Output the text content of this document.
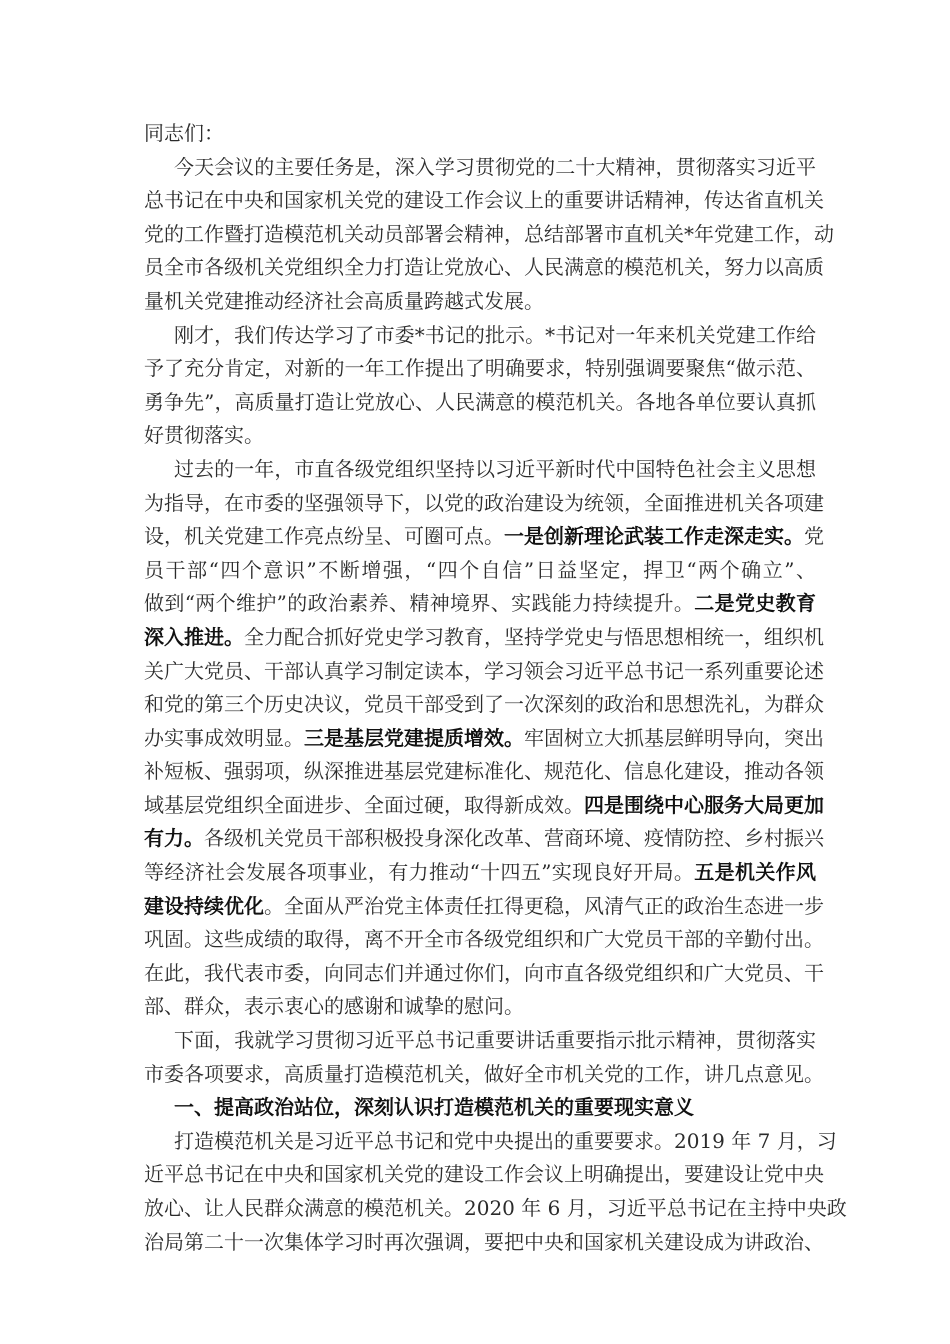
同志们：
今天会议的主要任务是，深入学习贯彻党的二十大精神，贯彻落实习近平
总书记在中央和国家机关党的建设工作会议上的重要讲话精神，传达省直机关
党的工作暨打造模范机关动员部署会精神，总结部署市直机关*年党建工作，动
员全市各级机关党组织全力打造让党放心、人民满意的模范机关，努力以高质
量机关党建推动经济社会高质量跨越式发展。
刚才，我们传达学习了市委*书记的批示。*书记对一年来机关党建工作给
予了充分肯定，对新的一年工作提出了明确要求，特别强调要聚焦“做示范、
勇争先”，高质量打造让党放心、人民满意的模范机关。各地各单位要认真抓
好贯彻落实。
过去的一年，市直各级党组织坚持以习近平新时代中国特色社会主义思想
为指导，在市委的坚强领导下，以党的政治建设为统领，全面推进机关各项建
设，机关党建工作亮点纷呈、可圈可点。一是创新理论武装工作走深走实。党
员干部“四个意识”不断增强，“四个自信”日益坚定，捍卫“两个确立”、
做到“两个维护”的政治素养、精神境界、实践能力持续提升。二是党史教育
深入推进。全力配合抓好党史学习教育，坚持学党史与悟思想相统一，组织机
关广大党员、干部认真学习制定读本，学习领会习近平总书记一系列重要论述
和党的第三个历史决议，党员干部受到了一次深刻的政治和思想洗礼，为群众
办实事成效明显。三是基层党建提质增效。牢固树立大抓基层鲜明导向，突出
补短板、强弱项，纵深推进基层党建标准化、规范化、信息化建设，推动各领
域基层党组织全面进步、全面过硬，取得新成效。四是围绕中心服务大局更加
有力。各级机关党员干部积极投身深化改革、营商环境、疫情防控、乡村振兴
等经济社会发展各项事业，有力推动“十四五”实现良好开局。五是机关作风
建设持续优化。全面从严治党主体责任扛得更稳，风清气正的政治生态进一步
巩固。这些成绩的取得，离不开全市各级党组织和广大党员干部的辛勤付出。
在此，我代表市委，向同志们并通过你们，向市直各级党组织和广大党员、干
部、群众，表示衷心的感谢和诚挚的慰问。
下面，我就学习贯彻习近平总书记重要讲话重要指示批示精神，贯彻落实
市委各项要求，高质量打造模范机关，做好全市机关党的工作，讲几点意见。
一、提高政治站位，深刻认识打造模范机关的重要现实意义
打造模范机关是习近平总书记和党中央提出的重要要求。2019 年 7 月，习
近平总书记在中央和国家机关党的建设工作会议上明确提出，要建设让党中央
放心、让人民群众满意的模范机关。2020 年 6 月，习近平总书记在主持中央政
治局第二十一次集体学习时再次强调，要把中央和国家机关建设成为讲政治、
